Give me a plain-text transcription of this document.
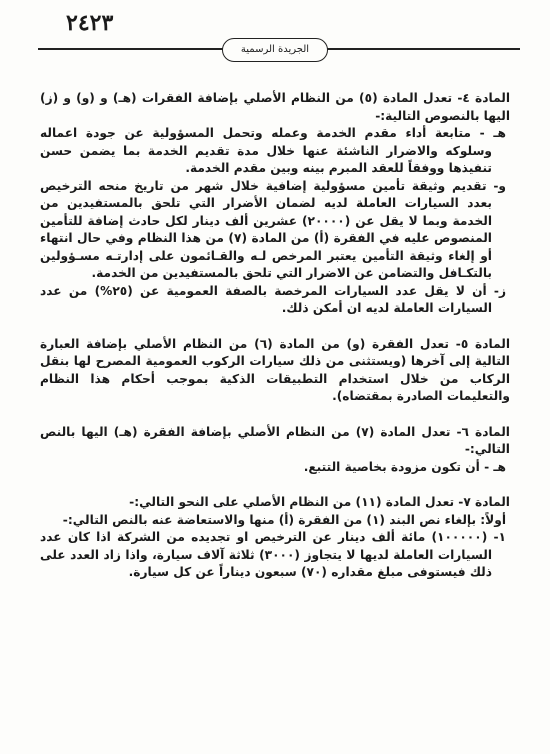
٢٤٢٣
الجريدة الرسمية

المادة ٤- تعدل المادة (٥) من النظام الأصلي بإضافة الفقرات (هـ) و (و) و (ز) اليها بالنصوص التالية:-

هـ - متابعة أداء مقدم الخدمة وعمله وتحمل المسؤولية عن جودة اعماله وسلوكه والاضرار الناشئة عنها خلال مدة تقديم الخدمة بما يضمن حسن تنفيذها ووفقاً للعقد المبرم بينه وبين مقدم الخدمة.

و- تقديم وثيقة تأمين مسؤولية إضافية خلال شهر من تاريخ منحه الترخيص بعدد السيارات العاملة لديه لضمان الأضرار التي تلحق بالمستفيدين من الخدمة وبما لا يقل عن (٢٠٠٠٠) عشرين ألف دينار لكل حادث إضافة للتأمين المنصوص عليه في الفقرة (أ) من المادة (٧) من هذا النظام وفي حال انتهاء أو إلغاء وثيقة التأمين يعتبر المرخص لـه والقـائمون على إدارتـه مسـؤولين بالتكـافل والتضامن عن الاضرار التي تلحق بالمستفيدين من الخدمة.

ز- أن لا يقل عدد السيارات المرخصة بالصفة العمومية عن (٢٥%) من عدد السيارات العاملة لديه ان أمكن ذلك.

المادة ٥- تعدل الفقرة (و) من المادة (٦) من النظام الأصلي بإضافة العبارة التالية إلى آخرها (ويستثنى من ذلك سيارات الركوب العمومية المصرح لها بنقل الركاب من خلال استخدام التطبيقات الذكية بموجب أحكام هذا النظام والتعليمات الصادرة بمقتضاه).

المادة ٦- تعدل المادة (٧) من النظام الأصلي بإضافة الفقرة (هـ) اليها بالنص التالي:-

هـ - أن تكون مزودة بخاصية التتبع.

المادة ٧- تعدل المادة (١١) من النظام الأصلي على النحو التالي:-

أولاً: بإلغاء نص البند (١) من الفقرة (أ) منها والاستعاضة عنه بالنص التالي:-

١- (١٠٠٠٠٠) مائة ألف دينار عن الترخيص او تجديده من الشركة اذا كان عدد السيارات العاملة لديها لا يتجاوز (٣٠٠٠) ثلاثة آلاف سيارة، واذا زاد العدد على ذلك فيستوفى مبلغ مقداره (٧٠) سبعون ديناراً عن كل سيارة.
